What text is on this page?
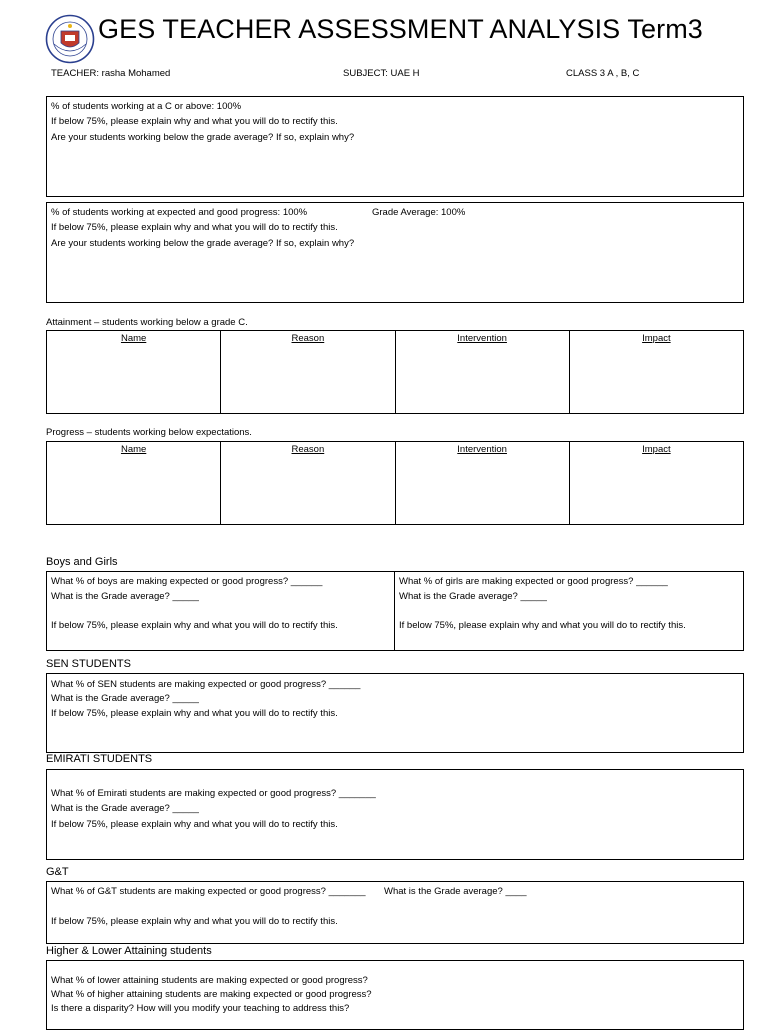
GES TEACHER ASSESSMENT ANALYSIS Term3
TEACHER: rasha Mohamed	SUBJECT: UAE H	CLASS 3 A , B, C
% of students working at a C or above: 100%
If below 75%, please explain why and what you will do to rectify this.
Are your students working below the grade average? If so, explain why?
% of students working at expected and good progress: 100%	Grade Average: 100%
If below 75%, please explain why and what you will do to rectify this.
Are your students working below the grade average? If so, explain why?
Attainment – students working below a grade C.
Name	Reason	Intervention	Impact
Progress – students working below expectations.
Name	Reason	Intervention	Impact
Boys and Girls
What % of boys are making expected or good progress? ______
What is the Grade average? _____
If below 75%, please explain why and what you will do to rectify this.
What % of girls are making expected or good progress? ______
What is the Grade average? _____
If below 75%, please explain why and what you will do to rectify this.
SEN STUDENTS
What % of SEN students are making expected or good progress? ______
What is the Grade average? _____
If below 75%, please explain why and what you will do to rectify this.
EMIRATI STUDENTS
What % of Emirati students are making expected or good progress? _______
What is the Grade average? _____
If below 75%, please explain why and what you will do to rectify this.
G&T
What % of G&T students are making expected or good progress? _______ What is the Grade average? ____
If below 75%, please explain why and what you will do to rectify this.
Higher & Lower Attaining students
What % of lower attaining students are making expected or good progress?
What % of higher attaining students are making expected or good progress?
Is there a disparity? How will you modify your teaching to address this?
